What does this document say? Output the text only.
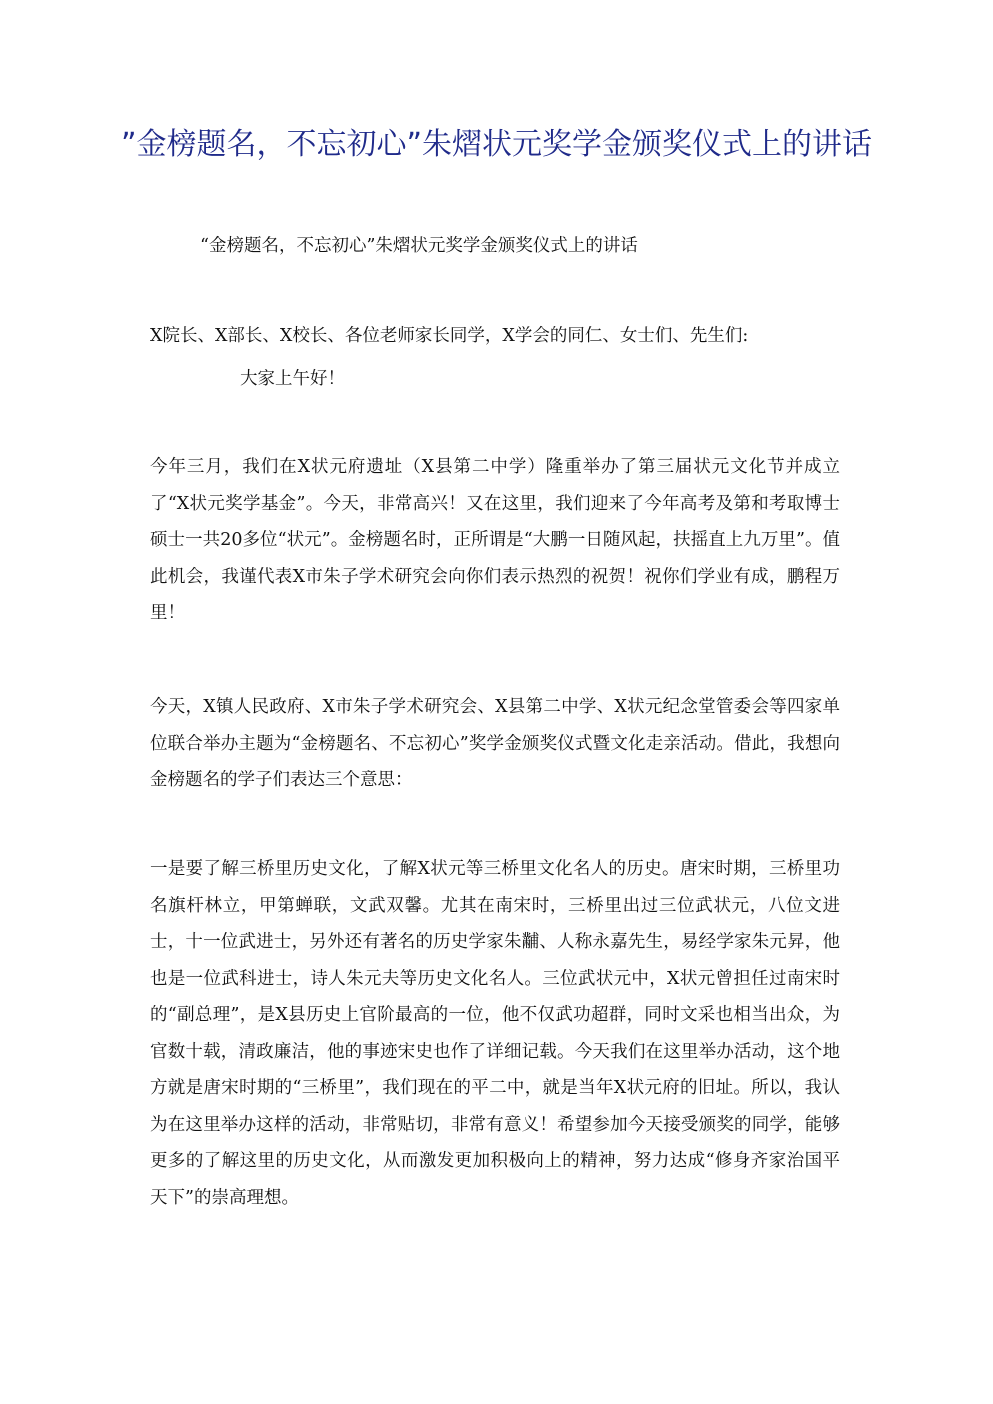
”金榜题名，不忘初心”朱熠状元奖学金颁奖仪式上的讲话
“金榜题名，不忘初心”朱熠状元奖学金颁奖仪式上的讲话

X院长、X部长、X校长、各位老师家长同学，X学会的同仁、女士们、先生们:

大家上午好！

今年三月，我们在X状元府遗址（X县第二中学）隆重举办了第三届状元文化节并成立了“X状元奖学基金”。今天，非常高兴！又在这里，我们迎来了今年高考及第和考取博士硕士一共20多位“状元”。金榜题名时，正所谓是“大鹏一日随风起，扶摇直上九万里”。值此机会，我谨代表X市朱子学术研究会向你们表示热烈的祝贺！祝你们学业有成，鹏程万里！

今天，X镇人民政府、X市朱子学术研究会、X县第二中学、X状元纪念堂管委会等四家单位联合举办主题为“金榜题名、不忘初心”奖学金颁奖仪式暨文化走亲活动。借此，我想向金榜题名的学子们表达三个意思：

一是要了解三桥里历史文化，了解X状元等三桥里文化名人的历史。唐宋时期，三桥里功名旗杆林立，甲第蝉联，文武双馨。尤其在南宋时，三桥里出过三位武状元，八位文进士，十一位武进士，另外还有著名的历史学家朱黼、人称永嘉先生，易经学家朱元昇，他也是一位武科进士，诗人朱元夫等历史文化名人。三位武状元中，X状元曾担任过南宋时的“副总理”，是X县历史上官阶最高的一位，他不仅武功超群，同时文采也相当出众，为官数十载，清政廉洁，他的事迹宋史也作了详细记载。今天我们在这里举办活动，这个地方就是唐宋时期的“三桥里”，我们现在的平二中，就是当年X状元府的旧址。所以，我认为在这里举办这样的活动，非常贴切，非常有意义！希望参加今天接受颁奖的同学，能够更多的了解这里的历史文化，从而激发更加积极向上的精神，努力达成“修身齐家治国平天下”的崇高理想。
